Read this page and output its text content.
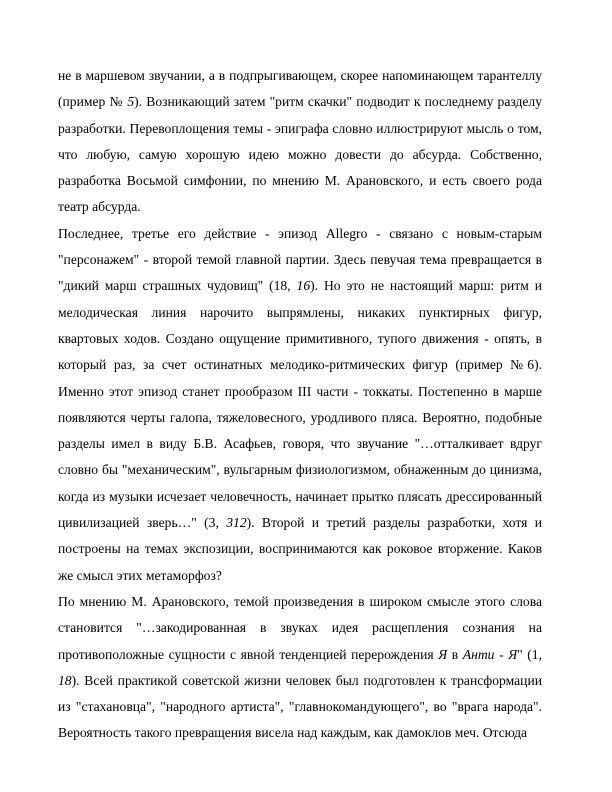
не в маршевом звучании, а в подпрыгивающем, скорее напоминающем тарантеллу (пример № 5). Возникающий затем "ритм скачки" подводит к последнему разделу разработки. Перевоплощения темы - эпиграфа словно иллюстрируют мысль о том, что любую, самую хорошую идею можно довести до абсурда. Собственно, разработка Восьмой симфонии, по мнению М. Арановского, и есть своего рода театр абсурда.

Последнее, третье его действие - эпизод Allegro - связано с новым-старым "персонажем" - второй темой главной партии. Здесь певучая тема превращается в "дикий марш страшных чудовищ" (18, 16). Но это не настоящий марш: ритм и мелодическая линия нарочито выпрямлены, никаких пунктирных фигур, квартовых ходов. Создано ощущение примитивного, тупого движения - опять, в который раз, за счет остинатных мелодико-ритмических фигур (пример №6). Именно этот эпизод станет прообразом III части - токкаты. Постепенно в марше появляются черты галопа, тяжеловесного, уродливого пляса. Вероятно, подобные разделы имел в виду Б.В. Асафьев, говоря, что звучание "…отталкивает вдруг словно бы "механическим", вульгарным физиологизмом, обнаженным до цинизма, когда из музыки исчезает человечность, начинает прытко плясать дрессированный цивилизацией зверь…" (3, 312). Второй и третий разделы разработки, хотя и построены на темах экспозиции, воспринимаются как роковое вторжение. Каков же смысл этих метаморфоз?

По мнению М. Арановского, темой произведения в широком смысле этого слова становится "…закодированная в звуках идея расщепления сознания на противоположные сущности с явной тенденцией перерождения Я в Анти - Я" (1, 18). Всей практикой советской жизни человек был подготовлен к трансформации из "стахановца", "народного артиста", "главнокомандующего", во "врага народа". Вероятность такого превращения висела над каждым, как дамоклов меч. Отсюда
